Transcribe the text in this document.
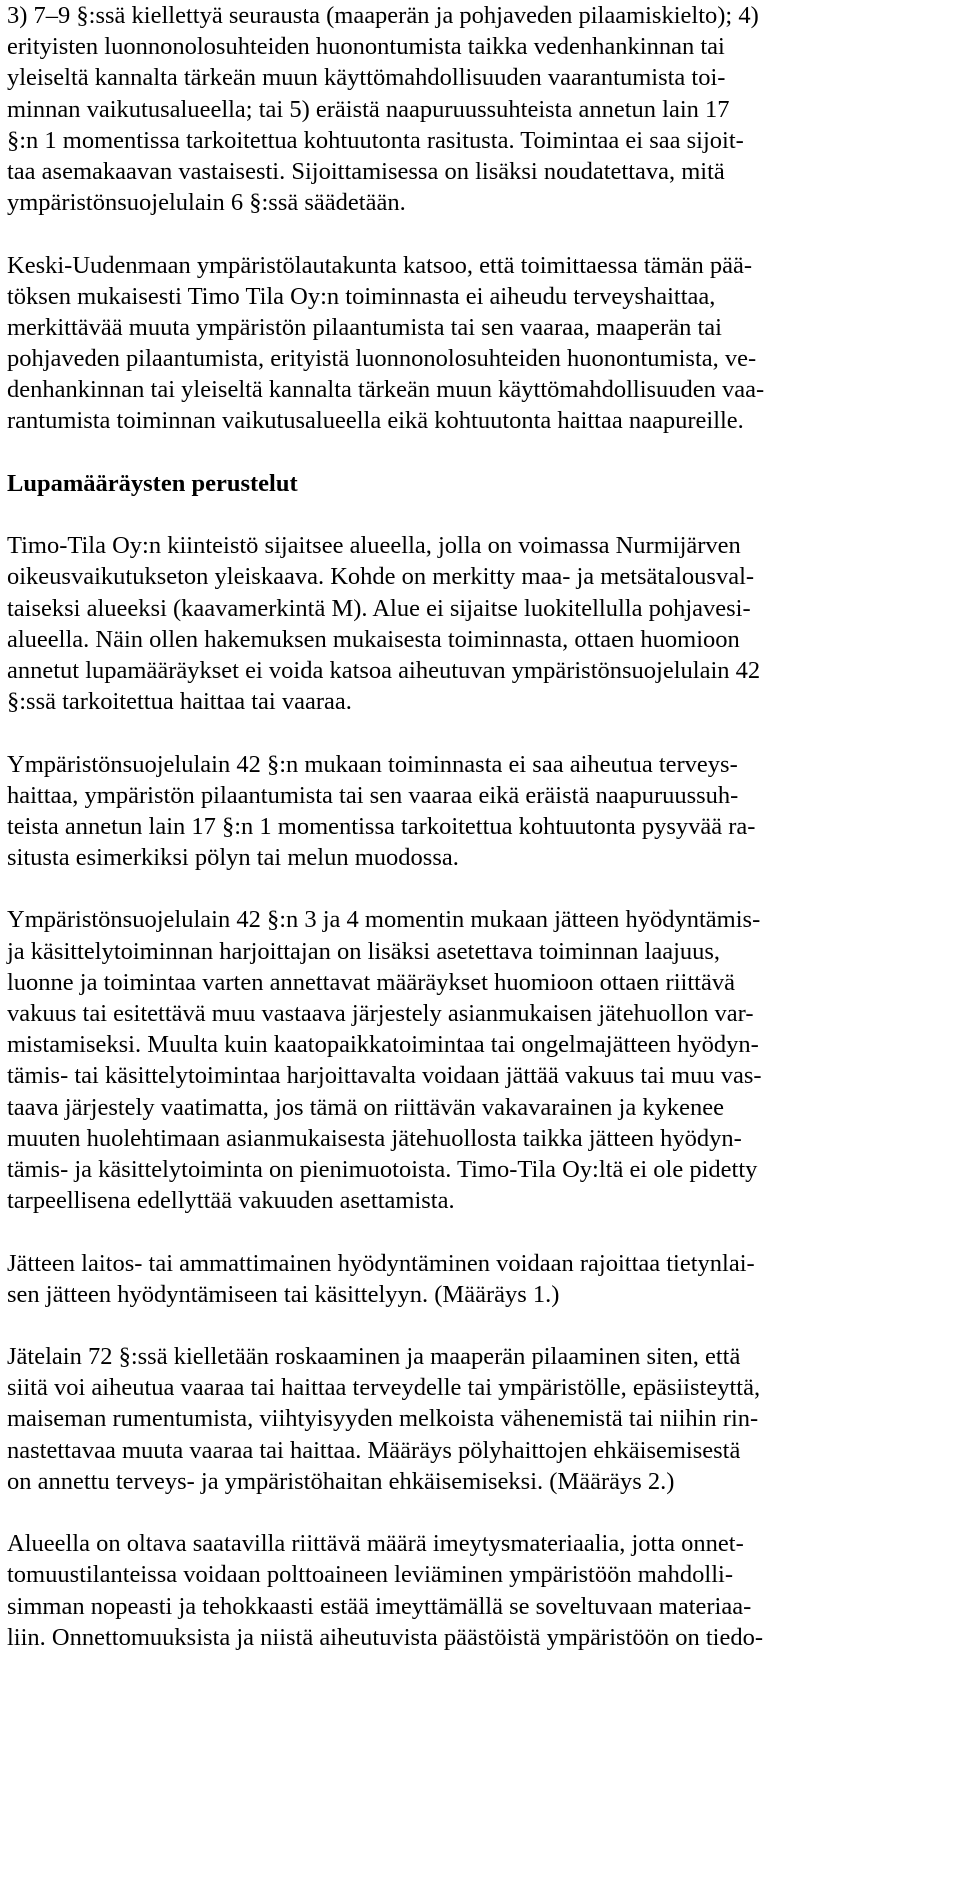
3) 7–9 §:ssä kiellettyä seurausta (maaperän ja pohjaveden pilaamiskielto); 4)
erityisten luonnonolosuhteiden huonontumista taikka vedenhankinnan tai
yleiseltä kannalta tärkeän muun käyttömahdollisuuden vaarantumista toi-
minnan vaikutusalueella; tai 5) eräistä naapuruussuhteista annetun lain 17
§:n 1 momentissa tarkoitettua kohtuutonta rasitusta. Toimintaa ei saa sijoit-
taa asemakaavan vastaisesti. Sijoittamisessa on lisäksi noudatettava, mitä
ympäristönsuojelulain 6 §:ssä säädetään.
Keski-Uudenmaan ympäristölautakunta katsoo, että toimittaessa tämän pää-
töksen mukaisesti Timo Tila Oy:n toiminnasta ei aiheudu terveyshaittaa,
merkittävää muuta ympäristön pilaantumista tai sen vaaraa, maaperän tai
pohjaveden pilaantumista, erityistä luonnonolosuhteiden huonontumista, ve-
denhankinnan tai yleiseltä kannalta tärkeän muun käyttömahdollisuuden vaa-
rantumista toiminnan vaikutusalueella eikä kohtuutonta haittaa naapureille.
Lupamääräysten perustelut
Timo-Tila Oy:n kiinteistö sijaitsee alueella, jolla on voimassa Nurmijärven
oikeusvaikutukseton yleiskaava. Kohde on merkitty maa- ja metsätalousval-
taiseksi alueeksi (kaavamerkintä M). Alue ei sijaitse luokitellulla pohjavesi-
alueella. Näin ollen hakemuksen mukaisesta toiminnasta, ottaen huomioon
annetut lupamääräykset ei voida katsoa aiheutuvan ympäristönsuojelulain 42
§:ssä tarkoitettua haittaa tai vaaraa.
Ympäristönsuojelulain 42 §:n mukaan toiminnasta ei saa aiheutua terveys-
haittaa, ympäristön pilaantumista tai sen vaaraa eikä eräistä naapuruussuh-
teista annetun lain 17 §:n 1 momentissa tarkoitettua kohtuutonta pysyvää ra-
situsta esimerkiksi pölyn tai melun muodossa.
Ympäristönsuojelulain 42 §:n 3 ja 4 momentin mukaan jätteen hyödyntämis-
ja käsittelytoiminnan harjoittajan on lisäksi asetettava toiminnan laajuus,
luonne ja toimintaa varten annettavat määräykset huomioon ottaen riittävä
vakuus tai esitettävä muu vastaava järjestely asianmukaisen jätehuollon var-
mistamiseksi. Muulta kuin kaatopaikkatoimintaa tai ongelmajätteen hyödyn-
tämis- tai käsittelytoimintaa harjoittavalta voidaan jättää vakuus tai muu vas-
taava järjestely vaatimatta, jos tämä on riittävän vakavarainen ja kykenee
muuten huolehtimaan asianmukaisesta jätehuollosta taikka jätteen hyödyn-
tämis- ja käsittelytoiminta on pienimuotoista. Timo-Tila Oy:ltä ei ole pidetty
tarpeellisena edellyttää vakuuden asettamista.
Jätteen laitos- tai ammattimainen hyödyntäminen voidaan rajoittaa tietynlai-
sen jätteen hyödyntämiseen tai käsittelyyn. (Määräys 1.)
Jätelain 72 §:ssä kielletään roskaaminen ja maaperän pilaaminen siten, että
siitä voi aiheutua vaaraa tai haittaa terveydelle tai ympäristölle, epäsiisteyttä,
maiseman rumentumista, viihtyisyyden melkoista vähenemistä tai niihin rin-
nastettavaa muuta vaaraa tai haittaa. Määräys pölyhaittojen ehkäisemisestä
on annettu terveys- ja ympäristöhaitan ehkäisemiseksi. (Määräys 2.)
Alueella on oltava saatavilla riittävä määrä imeytysmateriaalia, jotta onnet-
tomuustilanteissa voidaan polttoaineen leviäminen ympäristöön mahdolli-
simman nopeasti ja tehokkaasti estää imeyttämällä se soveltuvaan materiaa-
liin. Onnettomuuksista ja niistä aiheutuvista päästöistä ympäristöön on tiedo-
